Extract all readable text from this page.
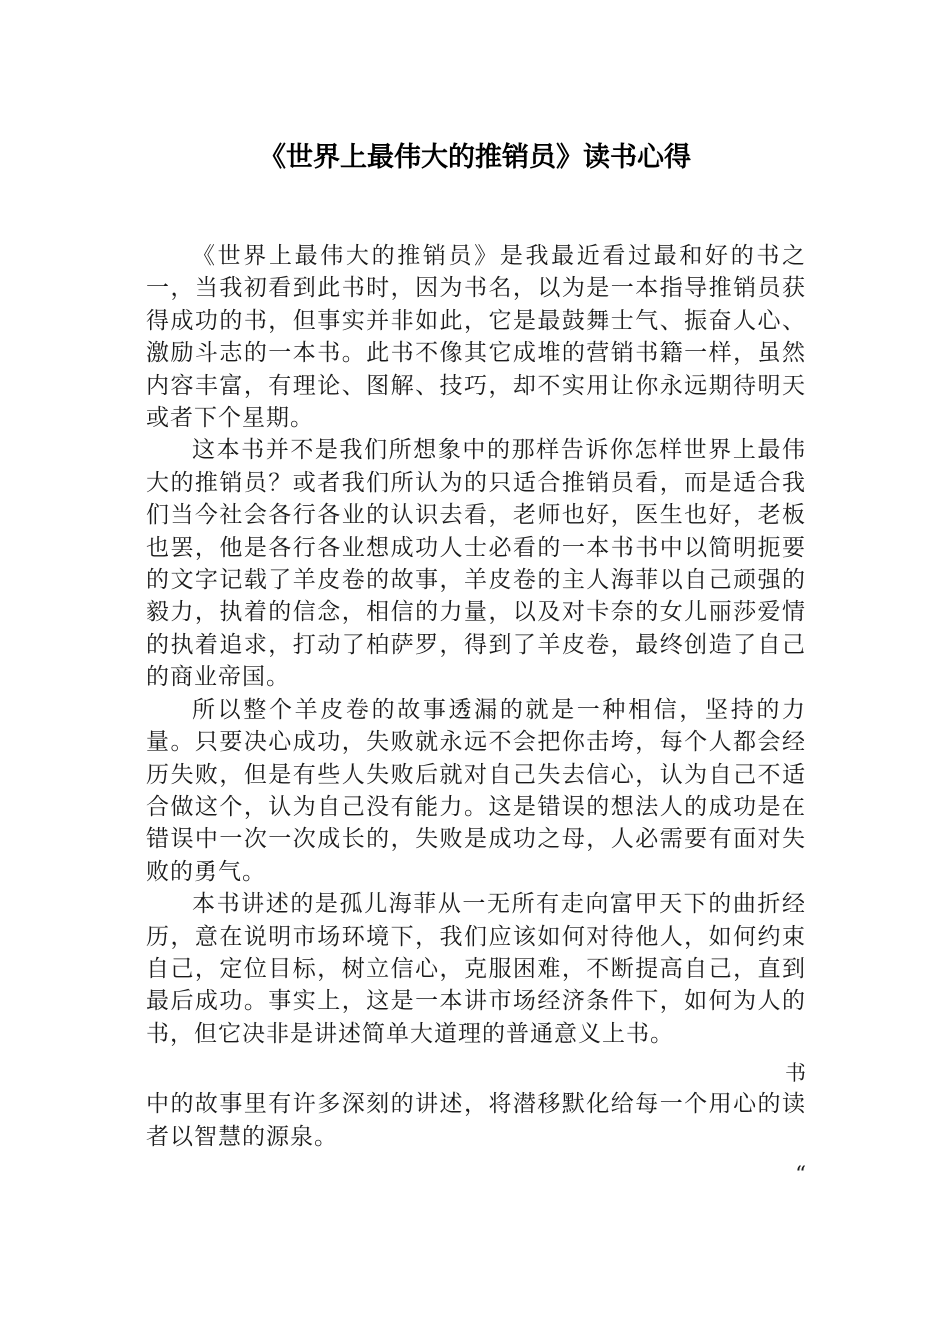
《世界上最伟大的推销员》读书心得

《世界上最伟大的推销员》是我最近看过最和好的书之一，当我初看到此书时，因为书名，以为是一本指导推销员获得成功的书，但事实并非如此，它是最鼓舞士气、振奋人心、激励斗志的一本书。此书不像其它成堆的营销书籍一样，虽然内容丰富，有理论、图解、技巧，却不实用让你永远期待明天或者下个星期。

这本书并不是我们所想象中的那样告诉你怎样世界上最伟大的推销员？或者我们所认为的只适合推销员看，而是适合我们当今社会各行各业的认识去看，老师也好，医生也好，老板也罢，他是各行各业想成功人士必看的一本书书中以简明扼要的文字记载了羊皮卷的故事，羊皮卷的主人海菲以自己顽强的毅力，执着的信念，相信的力量，以及对卡奈的女儿丽莎爱情的执着追求，打动了柏萨罗，得到了羊皮卷，最终创造了自己的商业帝国。

所以整个羊皮卷的故事透漏的就是一种相信，坚持的力量。只要决心成功，失败就永远不会把你击垮，每个人都会经历失败，但是有些人失败后就对自己失去信心，认为自己不适合做这个，认为自己没有能力。这是错误的想法人的成功是在错误中一次一次成长的，失败是成功之母，人必需要有面对失败的勇气。

本书讲述的是孤儿海菲从一无所有走向富甲天下的曲折经历，意在说明市场环境下，我们应该如何对待他人，如何约束自己，定位目标，树立信心，克服困难，不断提高自己，直到最后成功。事实上，这是一本讲市场经济条件下，如何为人的书，但它决非是讲述简单大道理的普通意义上书。

书

中的故事里有许多深刻的讲述，将潜移默化给每一个用心的读者以智慧的源泉。

“
